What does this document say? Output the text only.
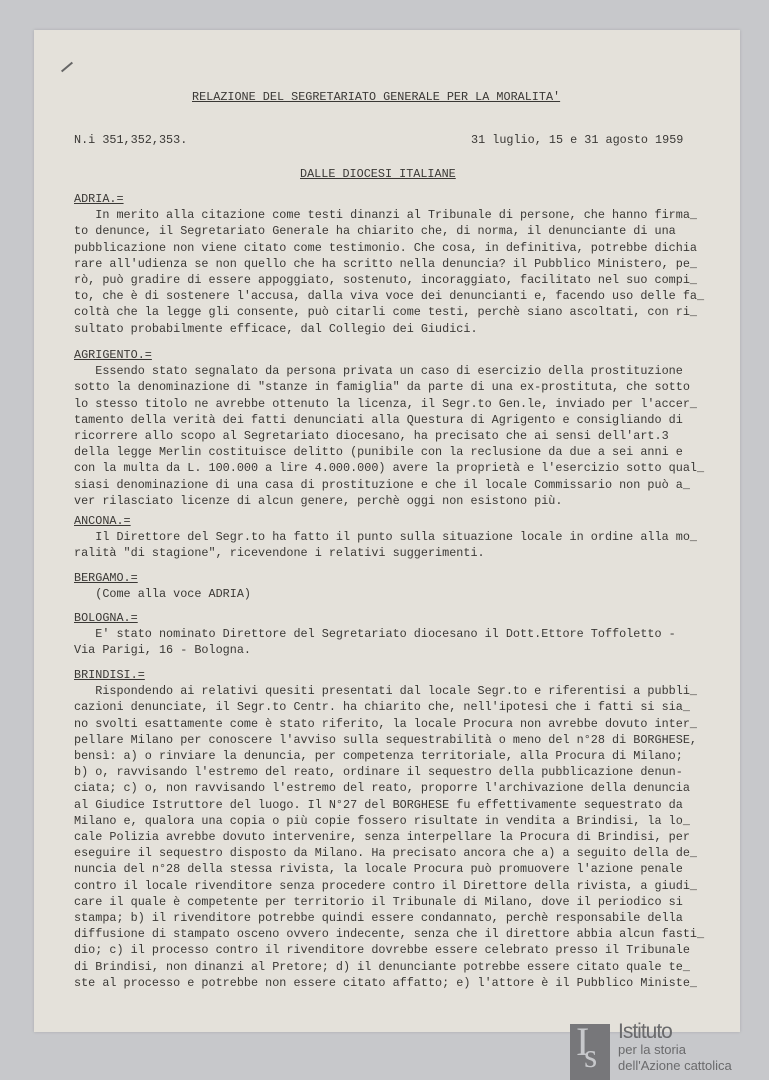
RELAZIONE DEL SEGRETARIATO GENERALE PER LA MORALITA'
N.i 351,352,353.	31 luglio, 15 e 31 agosto 1959
DALLE DIOCESI ITALIANE
ADRIA.=
In merito alla citazione come testi dinanzi al Tribunale di persone, che hanno firma_
to denunce, il Segretariato Generale ha chiarito che, di norma, il denunciante di una
pubblicazione non viene citato come testimonio. Che cosa, in definitiva, potrebbe dichia
rare all'udienza se non quello che ha scritto nella denuncia? il Pubblico Ministero, pe_
rò, può gradire di essere appoggiato, sostenuto, incoraggiato, facilitato nel suo compi_
to, che è di sostenere l'accusa, dalla viva voce dei denuncianti e, facendo uso delle fa_
coltà che la legge gli consente, può citarli come testi, perchè siano ascoltati, con ri_
sultato probabilmente efficace, dal Collegio dei Giudici.
AGRIGENTO.=
Essendo stato segnalato da persona privata un caso di esercizio della prostituzione
sotto la denominazione di "stanze in famiglia" da parte di una ex-prostituta, che sotto
lo stesso titolo ne avrebbe ottenuto la licenza, il Segr.to Gen.le, inviado per l'accer_
tamento della verità dei fatti denunciati alla Questura di Agrigento e consigliando di
ricorrere allo scopo al Segretariato diocesano, ha precisato che ai sensi dell'art.3
della legge Merlin costituisce delitto (punibile con la reclusione da due a sei anni e
con la multa da L. 100.000 a lire 4.000.000) avere la proprietà e l'esercizio sotto qual_
siasi denominazione di una casa di prostituzione e che il locale Commissario non può a_
ver rilasciato licenze di alcun genere, perchè oggi non esistono più.
ANCONA.=
Il Direttore del Segr.to ha fatto il punto sulla situazione locale in ordine alla mo_
ralità "di stagione", ricevendone i relativi suggerimenti.
BERGAMO.=
(Come alla voce ADRIA)
BOLOGNA.=
E' stato nominato Direttore del Segretariato diocesano il Dott.Ettore Toffoletto -
Via Parigi, 16 - Bologna.
BRINDISI.=
Rispondendo ai relativi quesiti presentati dal locale Segr.to e riferentisi a pubbli_
cazioni denunciate, il Segr.to Centr. ha chiarito che, nell'ipotesi che i fatti si sia_
no svolti esattamente come è stato riferito, la locale Procura non avrebbe dovuto inter_
pellare Milano per conoscere l'avviso sulla sequestrabilità o meno del n°28 di BORGHESE,
bensì: a) o rinviare la denuncia, per competenza territoriale, alla Procura di Milano;
b) o, ravvisando l'estremo del reato, ordinare il sequestro della pubblicazione denun-
ciata; c) o, non ravvisando l'estremo del reato, proporre l'archivazione della denuncia
al Giudice Istruttore del luogo. Il N°27 del BORGHESE fu effettivamente sequestrato da
Milano e, qualora una copia o più copie fossero risultate in vendita a Brindisi, la lo_
cale Polizia avrebbe dovuto intervenire, senza interpellare la Procura di Brindisi, per
eseguire il sequestro disposto da Milano. Ha precisato ancora che a) a seguito della de_
nuncia del n°28 della stessa rivista, la locale Procura può promuovere l'azione penale
contro il locale rivenditore senza procedere contro il Direttore della rivista, a giudi_
care il quale è competente per territorio il Tribunale di Milano, dove il periodico si
stampa; b) il rivenditore potrebbe quindi essere condannato, perchè responsabile della
diffusione di stampato osceno ovvero indecente, senza che il direttore abbia alcun fasti_
dio; c) il processo contro il rivenditore dovrebbe essere celebrato presso il Tribunale
di Brindisi, non dinanzi al Pretore; d) il denunciante potrebbe essere citato quale te_
ste al processo e potrebbe non essere citato affatto; e) l'attore è il Pubblico Ministe_
I
s
Istituto
per la storia
dell'Azione cattolica
